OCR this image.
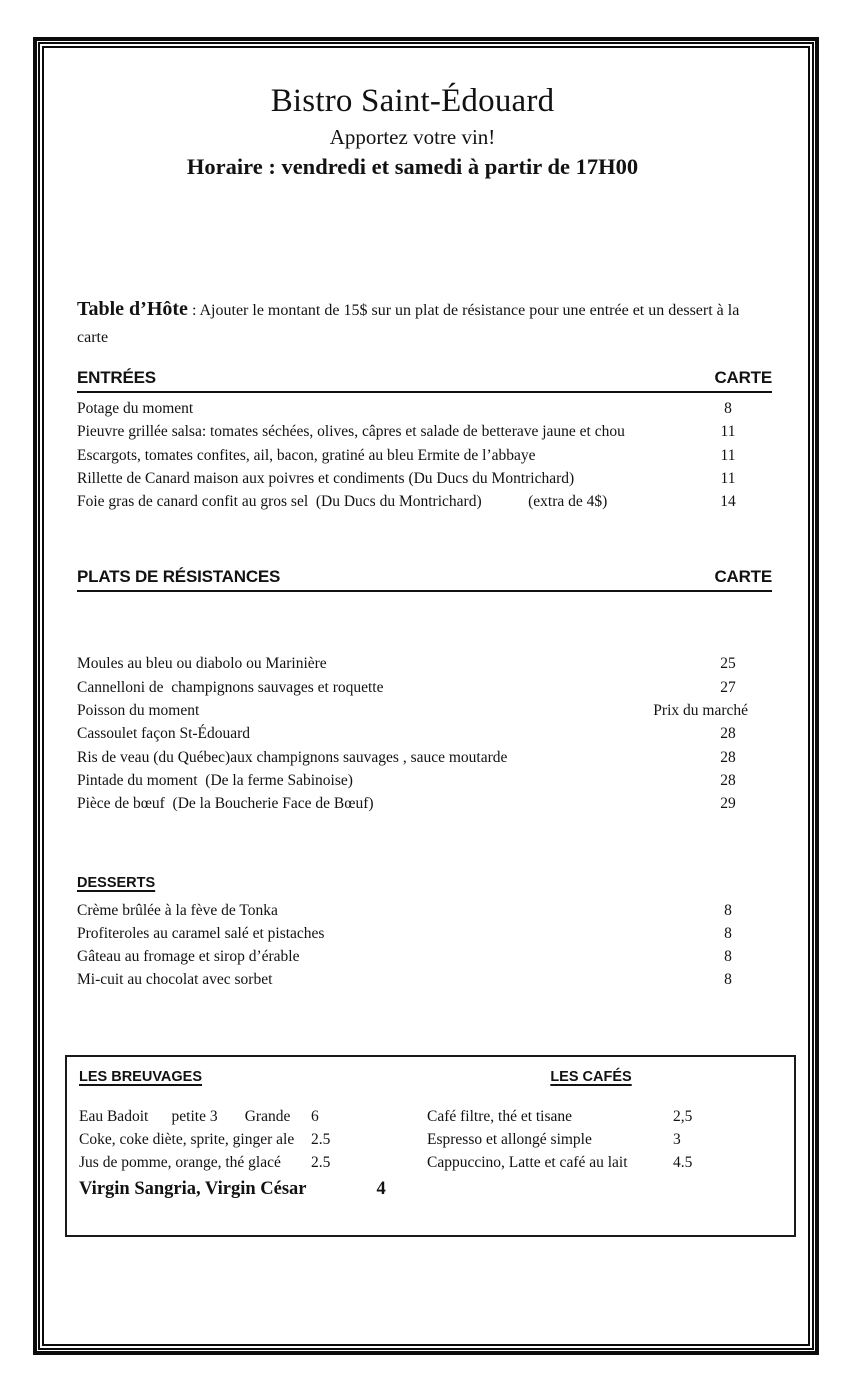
Bistro Saint-Édouard
Apportez votre vin!
Horaire : vendredi et samedi à partir de 17H00

Table d’Hôte : Ajouter le montant de 15$ sur un plat de résistance pour une entrée et un dessert à la carte

ENTRÉES	CARTE
Potage du moment	8
Pieuvre grillée salsa: tomates séchées, olives, câpres et salade de betterave jaune et chou	11
Escargots, tomates confites, ail, bacon, gratiné au bleu Ermite de l’abbaye	11
Rillette de Canard maison aux poivres et condiments (Du Ducs du Montrichard)	11
Foie gras de canard confit au gros sel  (Du Ducs du Montrichard)            (extra de 4$)	14
PLATS DE RÉSISTANCES	CARTE
Moules au bleu ou diabolo ou Marinière	25
Cannelloni de  champignons sauvages et roquette	27
Poisson du moment	Prix du marché
Cassoulet façon St-Édouard	28
Ris de veau (du Québec)aux champignons sauvages , sauce moutarde	28
Pintade du moment  (De la ferme Sabinoise)	28
Pièce de bœuf  (De la Boucherie Face de Bœuf)	29
DESSERTS
Crème brûlée à la fève de Tonka	8
Profiteroles au caramel salé et pistaches	8
Gâteau au fromage et sirop d’érable	8
Mi-cuit au chocolat avec sorbet	8
LES BREUVAGES	LES CAFÉS
Eau Badoit      petite 3       Grande	6
Coke, coke diète, sprite, ginger ale	2.5
Jus de pomme, orange, thé glacé	2.5
Café filtre, thé et tisane	2,5
Espresso et allongé simple	3
Cappuccino, Latte et café au lait	4.5
Virgin Sangria, Virgin César	4
